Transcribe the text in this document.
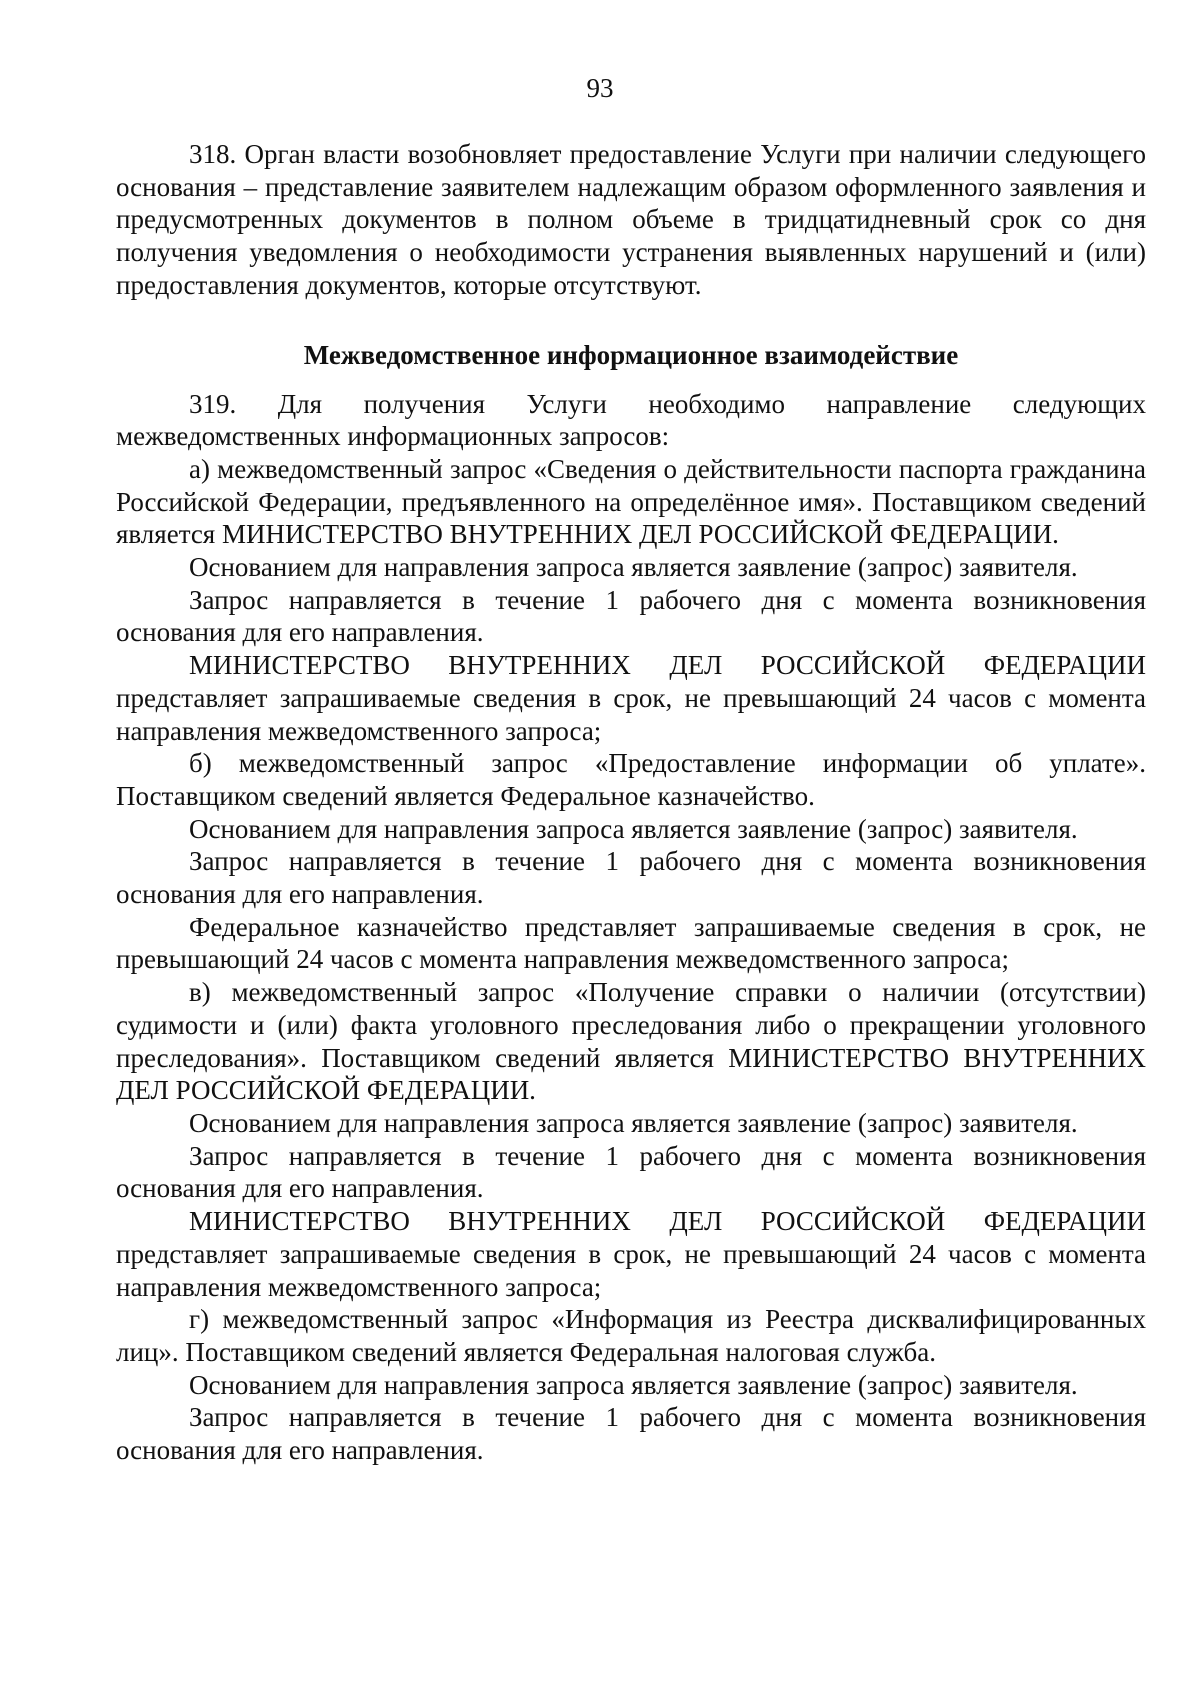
93

318. Орган власти возобновляет предоставление Услуги при наличии следующего основания – представление заявителем надлежащим образом оформленного заявления и предусмотренных документов в полном объеме в тридцатидневный срок со дня получения уведомления о необходимости устранения выявленных нарушений и (или) предоставления документов, которые отсутствуют.

Межведомственное информационное взаимодействие

319. Для получения Услуги необходимо направление следующих межведомственных информационных запросов:

а) межведомственный запрос «Сведения о действительности паспорта гражданина Российской Федерации, предъявленного на определённое имя». Поставщиком сведений является МИНИСТЕРСТВО ВНУТРЕННИХ ДЕЛ РОССИЙСКОЙ ФЕДЕРАЦИИ.

Основанием для направления запроса является заявление (запрос) заявителя.

Запрос направляется в течение 1 рабочего дня с момента возникновения основания для его направления.

МИНИСТЕРСТВО ВНУТРЕННИХ ДЕЛ РОССИЙСКОЙ ФЕДЕРАЦИИ представляет запрашиваемые сведения в срок, не превышающий 24 часов с момента направления межведомственного запроса;

б) межведомственный запрос «Предоставление информации об уплате». Поставщиком сведений является Федеральное казначейство.

Основанием для направления запроса является заявление (запрос) заявителя.

Запрос направляется в течение 1 рабочего дня с момента возникновения основания для его направления.

Федеральное казначейство представляет запрашиваемые сведения в срок, не превышающий 24 часов с момента направления межведомственного запроса;

в) межведомственный запрос «Получение справки о наличии (отсутствии) судимости и (или) факта уголовного преследования либо о прекращении уголовного преследования». Поставщиком сведений является МИНИСТЕРСТВО ВНУТРЕННИХ ДЕЛ РОССИЙСКОЙ ФЕДЕРАЦИИ.

Основанием для направления запроса является заявление (запрос) заявителя.

Запрос направляется в течение 1 рабочего дня с момента возникновения основания для его направления.

МИНИСТЕРСТВО ВНУТРЕННИХ ДЕЛ РОССИЙСКОЙ ФЕДЕРАЦИИ представляет запрашиваемые сведения в срок, не превышающий 24 часов с момента направления межведомственного запроса;

г) межведомственный запрос «Информация из Реестра дисквалифицированных лиц». Поставщиком сведений является Федеральная налоговая служба.

Основанием для направления запроса является заявление (запрос) заявителя.

Запрос направляется в течение 1 рабочего дня с момента возникновения основания для его направления.
